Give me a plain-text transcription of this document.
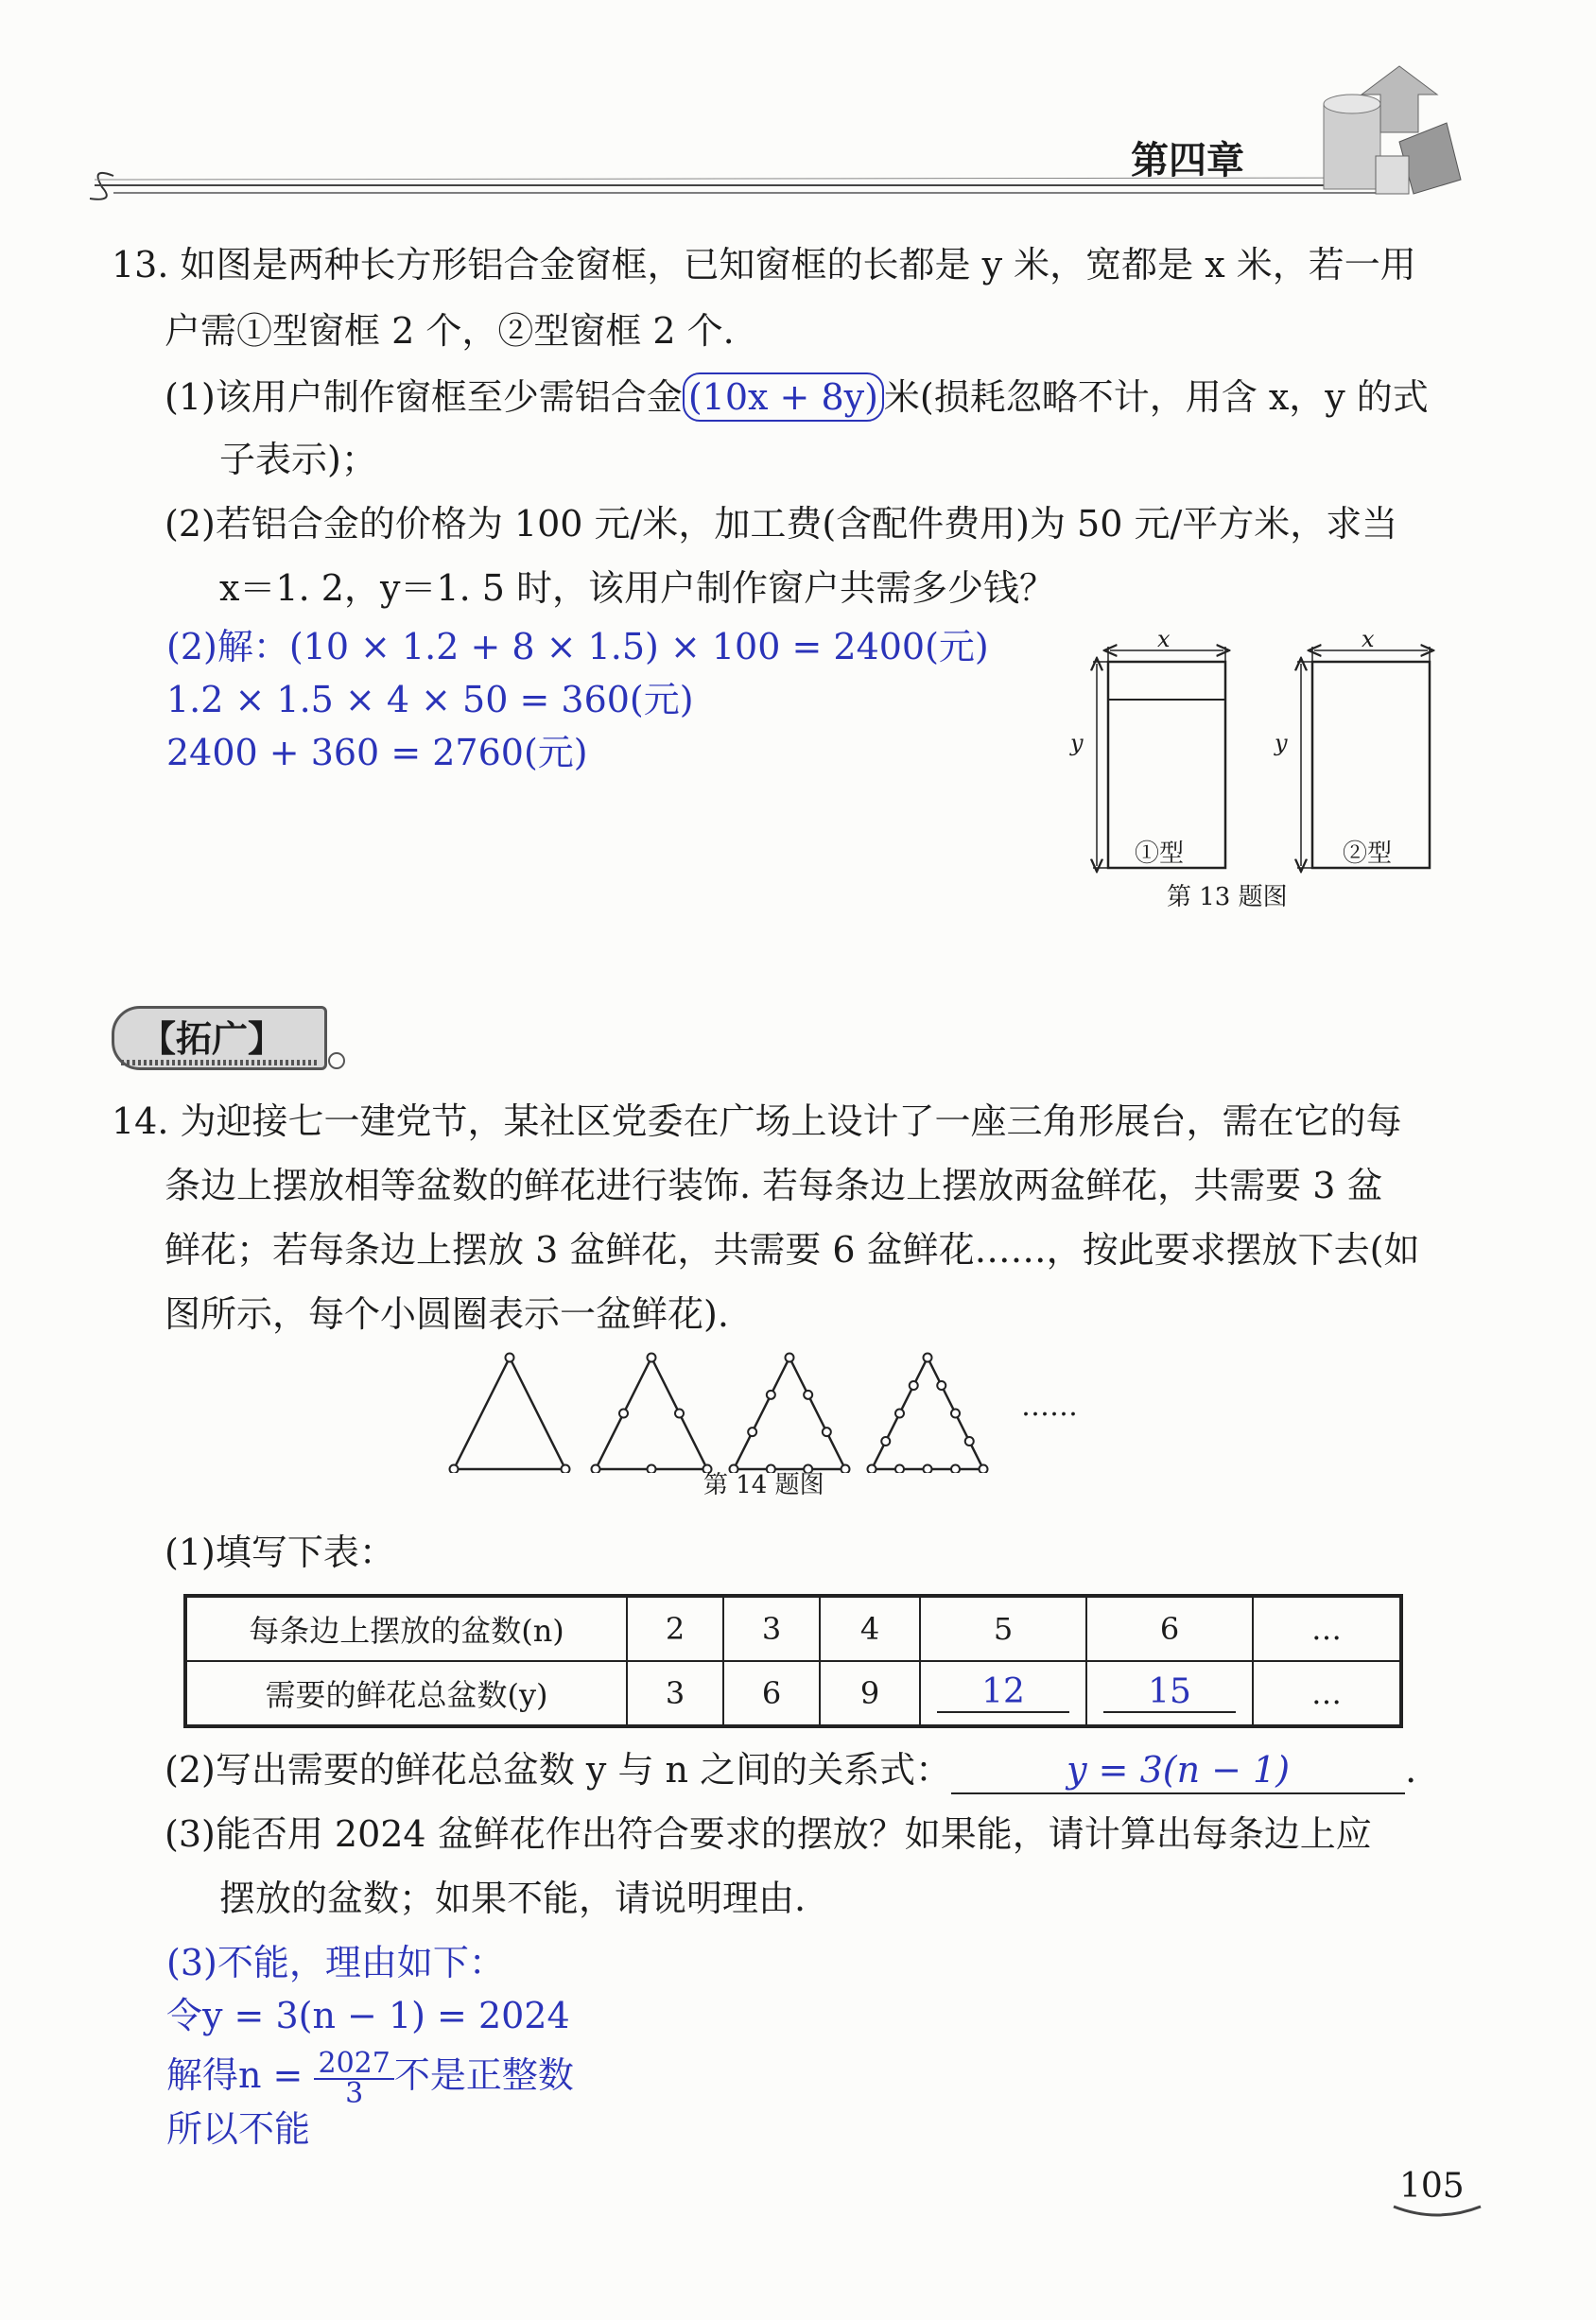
第四章
13. 如图是两种长方形铝合金窗框，已知窗框的长都是 y 米，宽都是 x 米，若一用
户需①型窗框 2 个，②型窗框 2 个.
(1)该用户制作窗框至少需铝合金 (10x + 8y) 米(损耗忽略不计，用含 x，y 的式
子表示)；
(2)若铝合金的价格为 100 元/米，加工费(含配件费用)为 50 元/平方米，求当
x＝1. 2，y＝1. 5 时，该用户制作窗户共需多少钱？
(2)解：(10 × 1.2 + 8 × 1.5) × 100 = 2400(元)
1.2 × 1.5 × 4 × 50 = 360(元)
2400 + 360 = 2760(元)
x	x
y	y
①型	②型
第 13 题图
【拓广】
14. 为迎接七一建党节，某社区党委在广场上设计了一座三角形展台，需在它的每
条边上摆放相等盆数的鲜花进行装饰. 若每条边上摆放两盆鲜花，共需要 3 盆
鲜花；若每条边上摆放 3 盆鲜花，共需要 6 盆鲜花……，按此要求摆放下去(如
图所示，每个小圆圈表示一盆鲜花).
……
第 14 题图
(1)填写下表：
每条边上摆放的盆数(n)	2	3	4	5	6	…
需要的鲜花总盆数(y)	3	6	9	12	15	…
(2)写出需要的鲜花总盆数 y 与 n 之间的关系式：	y = 3(n − 1)	.
(3)能否用 2024 盆鲜花作出符合要求的摆放？如果能，请计算出每条边上应
摆放的盆数；如果不能，请说明理由.
(3)不能，理由如下：
令y = 3(n − 1) = 2024
解得$n = \frac{2027}{3}$ 不是正整数
所以不能
105
